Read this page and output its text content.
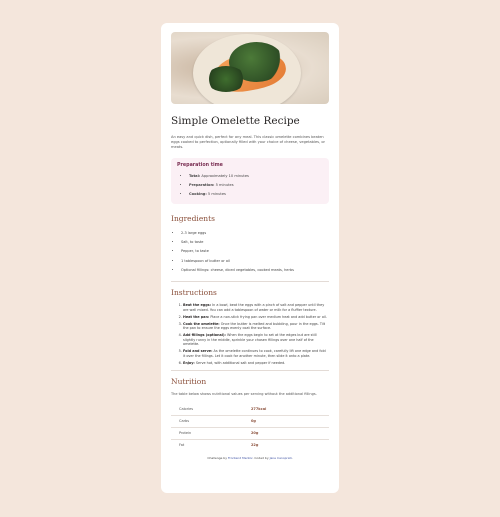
Simple Omelette Recipe

An easy and quick dish, perfect for any meal. This classic omelette combines beaten eggs cooked to perfection, optionally filled with your choice of cheese, vegetables, or meats.

Preparation time
• Total: Approximately 10 minutes
• Preparation: 5 minutes
• Cooking: 5 minutes
Ingredients
• 2-3 large eggs
• Salt, to taste
• Pepper, to taste
• 1 tablespoon of butter or oil
• Optional fillings: cheese, diced vegetables, cooked meats, herbs
Instructions
1. Beat the eggs: In a bowl, beat the eggs with a pinch of salt and pepper until they are well mixed. You can add a tablespoon of water or milk for a fluffier texture.
2. Heat the pan: Place a non-stick frying pan over medium heat and add butter or oil.
3. Cook the omelette: Once the butter is melted and bubbling, pour in the eggs. Tilt the pan to ensure the eggs evenly coat the surface.
4. Add fillings (optional): When the eggs begin to set at the edges but are still slightly runny in the middle, sprinkle your chosen fillings over one half of the omelette.
5. Fold and serve: As the omelette continues to cook, carefully lift one edge and fold it over the fillings. Let it cook for another minute, then slide it onto a plate.
6. Enjoy: Serve hot, with additional salt and pepper if needed.
Nutrition

The table below shows nutritional values per serving without the additional fillings.

Calories	277kcal
Carbs	0g
Protein	20g
Fat	22g
Challenge by Frontend Mentor. Coded by Jane Canoprati.
